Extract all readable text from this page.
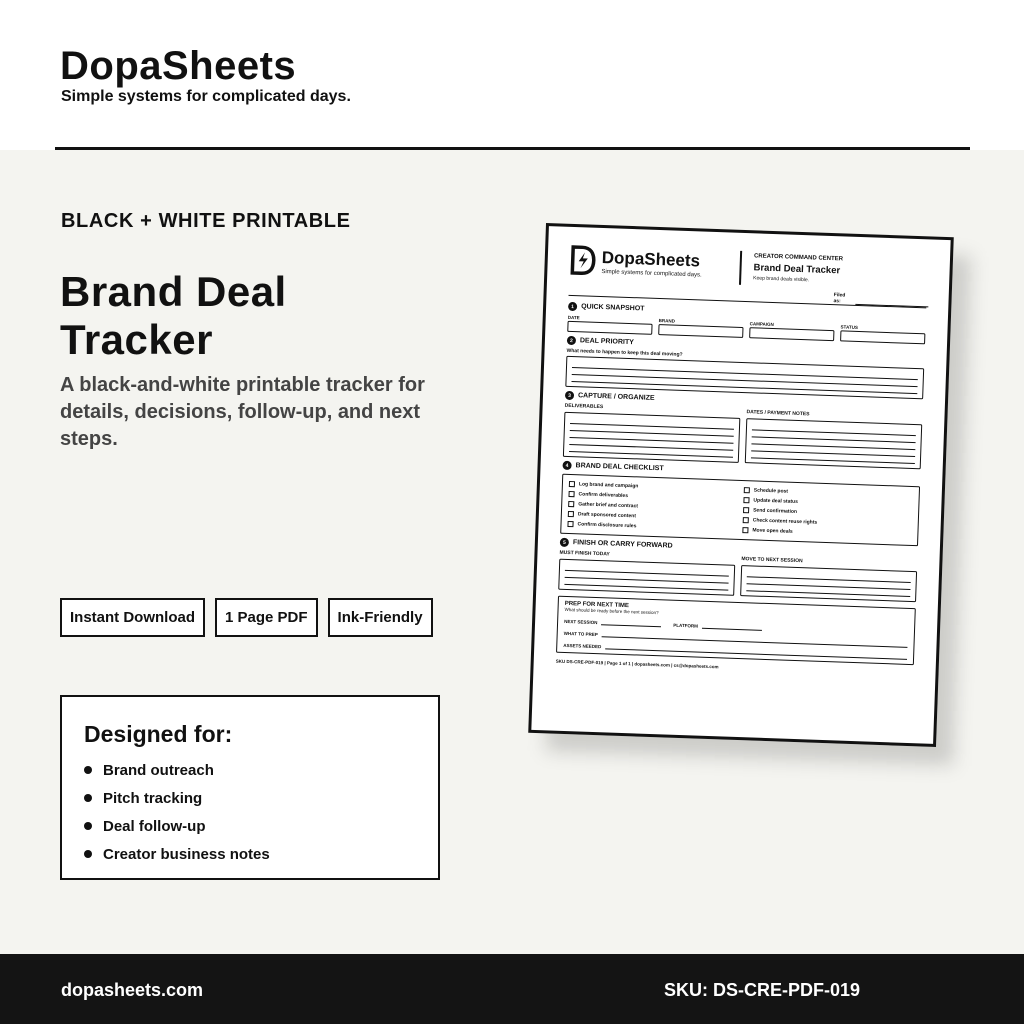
DopaSheets
Simple systems for complicated days.
BLACK + WHITE PRINTABLE
Brand Deal Tracker
A black-and-white printable tracker for details, decisions, follow-up, and next steps.
Instant Download	1 Page PDF	Ink-Friendly
Designed for:
Brand outreach
Pitch tracking
Deal follow-up
Creator business notes
DopaSheets
Simple systems for complicated days.
CREATOR COMMAND CENTER
Brand Deal Tracker
Keep brand deals visible.
Filed as:
1 QUICK SNAPSHOT
DATE
BRAND
CAMPAIGN
STATUS
2 DEAL PRIORITY
What needs to happen to keep this deal moving?
3 CAPTURE / ORGANIZE
DELIVERABLES
DATES / PAYMENT NOTES
4 BRAND DEAL CHECKLIST
Log brand and campaign
Confirm deliverables
Gather brief and contract
Draft sponsored content
Confirm disclosure rules
Schedule post
Update deal status
Send confirmation
Check content reuse rights
Move open deals
5 FINISH OR CARRY FORWARD
MUST FINISH TODAY
MOVE TO NEXT SESSION
PREP FOR NEXT TIME
What should be ready before the next session?
NEXT SESSION
PLATFORM
WHAT TO PREP
ASSETS NEEDED
SKU DS-CRE-PDF-019 | Page 1 of 1 | dopasheets.com | cs@dopasheets.com
dopasheets.com	SKU: DS-CRE-PDF-019
